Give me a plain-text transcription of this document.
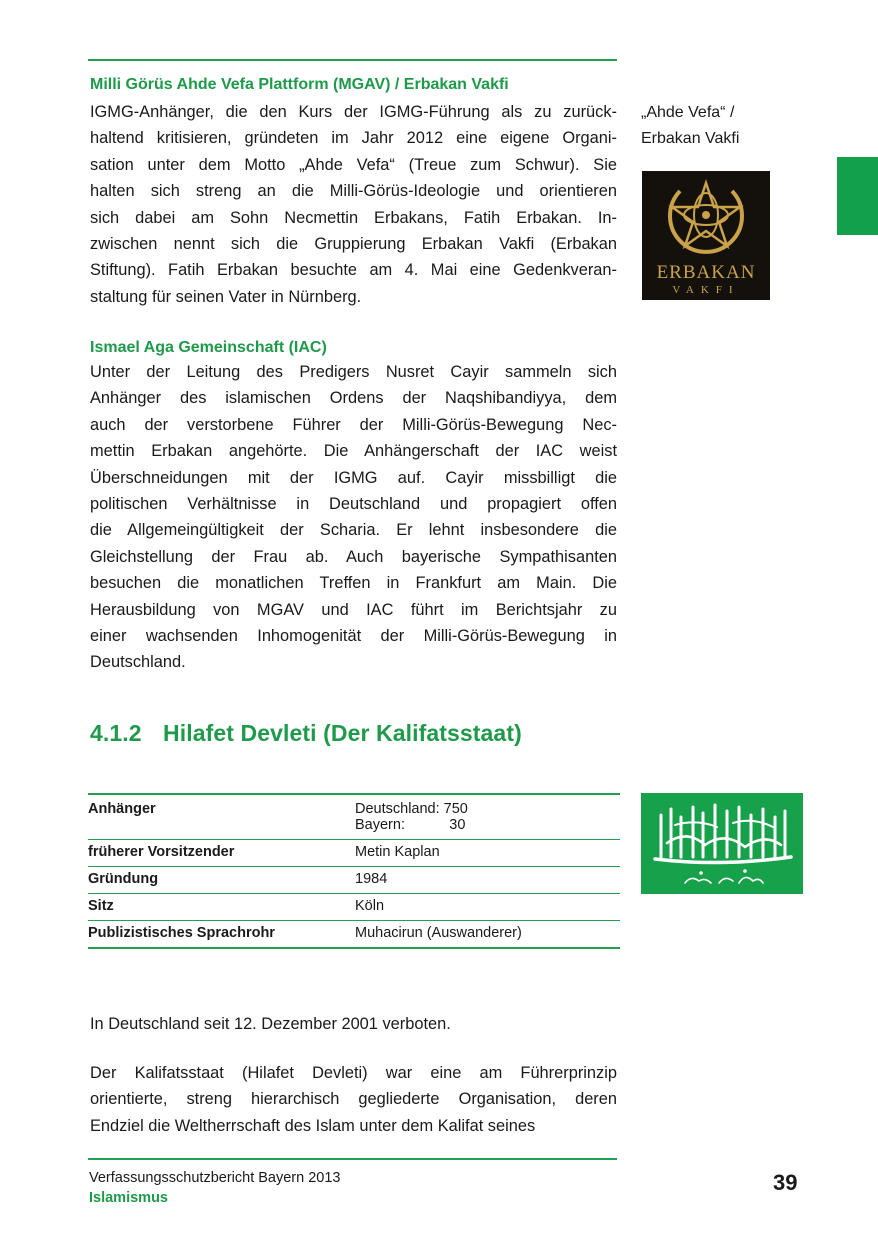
Milli Görüs Ahde Vefa Plattform (MGAV) / Erbakan Vakfi
IGMG-Anhänger, die den Kurs der IGMG-Führung als zu zurück-
haltend kritisieren, gründeten im Jahr 2012 eine eigene Organi-
sation unter dem Motto „Ahde Vefa“ (Treue zum Schwur). Sie
halten sich streng an die Milli-Görüs-Ideologie und orientieren
sich dabei am Sohn Necmettin Erbakans, Fatih Erbakan. In-
zwischen nennt sich die Gruppierung Erbakan Vakfi (Erbakan
Stiftung). Fatih Erbakan besuchte am 4. Mai eine Gedenkveran-
staltung für seinen Vater in Nürnberg.
„Ahde Vefa“ /
Erbakan Vakfi
ERBAKAN
VAKFI
Ismael Aga Gemeinschaft (IAC)
Unter der Leitung des Predigers Nusret Cayir sammeln sich
Anhänger des islamischen Ordens der Naqshibandiyya, dem
auch der verstorbene Führer der Milli-Görüs-Bewegung Nec-
mettin Erbakan angehörte. Die Anhängerschaft der IAC weist
Überschneidungen mit der IGMG auf. Cayir missbilligt die
politischen Verhältnisse in Deutschland und propagiert offen
die Allgemeingültigkeit der Scharia. Er lehnt insbesondere die
Gleichstellung der Frau ab. Auch bayerische Sympathisanten
besuchen die monatlichen Treffen in Frankfurt am Main. Die
Herausbildung von MGAV und IAC führt im Berichtsjahr zu
einer wachsenden Inhomogenität der Milli-Görüs-Bewegung in
Deutschland.
4.1.2 Hilafet Devleti (Der Kalifatsstaat)
Anhänger	Deutschland: 750
Bayern:           30

früherer Vorsitzender	Metin Kaplan

Gründung	1984

Sitz	Köln

Publizistisches Sprachrohr	Muhacirun (Auswanderer)
In Deutschland seit 12. Dezember 2001 verboten.
Der Kalifatsstaat (Hilafet Devleti) war eine am Führerprinzip
orientierte, streng hierarchisch gegliederte Organisation, deren
Endziel die Weltherrschaft des Islam unter dem Kalifat seines
Verfassungsschutzbericht Bayern 2013
Islamismus
39
